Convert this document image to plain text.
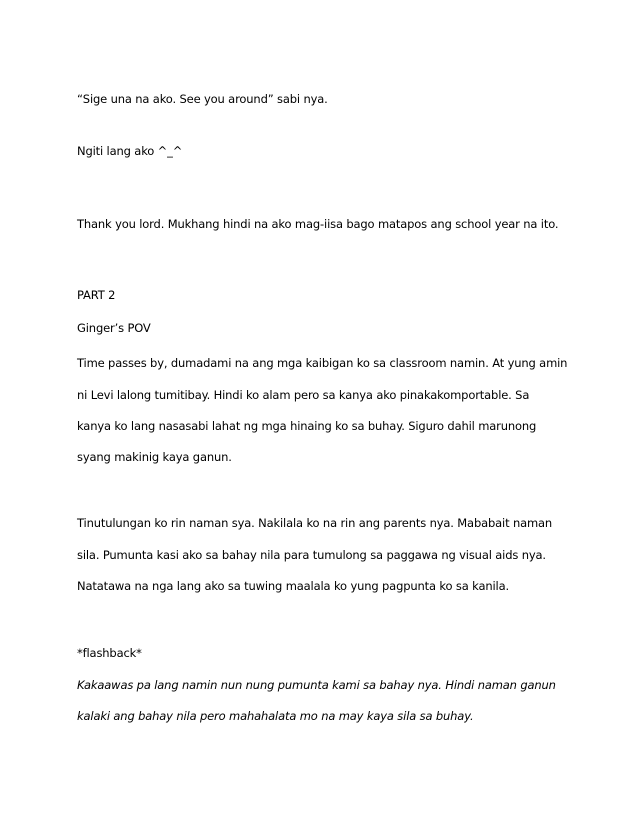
“Sige una na ako. See you around” sabi nya.
Ngiti lang ako ^_^
Thank you lord. Mukhang hindi na ako mag-iisa bago matapos ang school year na ito.
PART 2
Ginger’s POV
Time passes by, dumadami na ang mga kaibigan ko sa classroom namin. At yung amin
ni Levi lalong tumitibay. Hindi ko alam pero sa kanya ako pinakakomportable. Sa
kanya ko lang nasasabi lahat ng mga hinaing ko sa buhay. Siguro dahil marunong
syang makinig kaya ganun.
Tinutulungan ko rin naman sya. Nakilala ko na rin ang parents nya. Mababait naman
sila. Pumunta kasi ako sa bahay nila para tumulong sa paggawa ng visual aids nya.
Natatawa na nga lang ako sa tuwing maalala ko yung pagpunta ko sa kanila.
*flashback*
Kakaawas pa lang namin nun nung pumunta kami sa bahay nya. Hindi naman ganun
kalaki ang bahay nila pero mahahalata mo na may kaya sila sa buhay.
